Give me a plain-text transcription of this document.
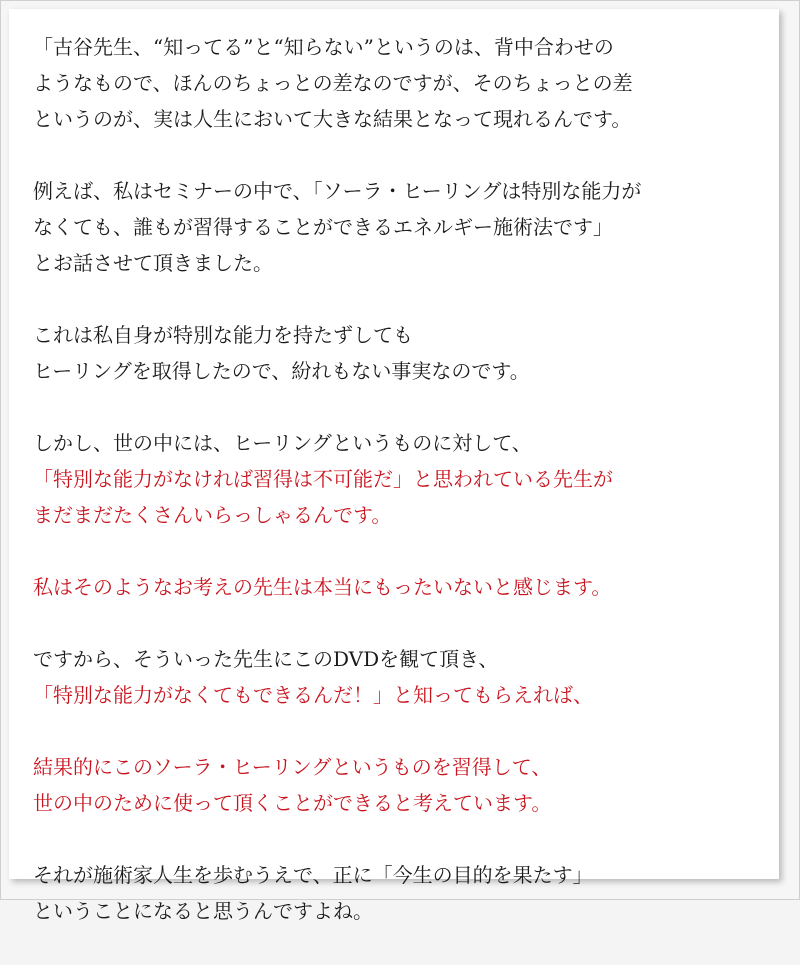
「古谷先生、“知ってる”と“知らない”というのは、背中合わせの
ようなもので、ほんのちょっとの差なのですが、そのちょっとの差
というのが、実は人生において大きな結果となって現れるんです。
例えば、私はセミナーの中で、「ソーラ・ヒーリングは特別な能力が
なくても、誰もが習得することができるエネルギー施術法です」
とお話させて頂きました。
これは私自身が特別な能力を持たずしても
ヒーリングを取得したので、紛れもない事実なのです。
しかし、世の中には、ヒーリングというものに対して、
「特別な能力がなければ習得は不可能だ」と思われている先生が
まだまだたくさんいらっしゃるんです。
私はそのようなお考えの先生は本当にもったいないと感じます。
ですから、そういった先生にこのDVDを観て頂き、
「特別な能力がなくてもできるんだ！」と知ってもらえれば、
結果的にこのソーラ・ヒーリングというものを習得して、
世の中のために使って頂くことができると考えています。
それが施術家人生を歩むうえで、正に「今生の目的を果たす」
ということになると思うんですよね。
